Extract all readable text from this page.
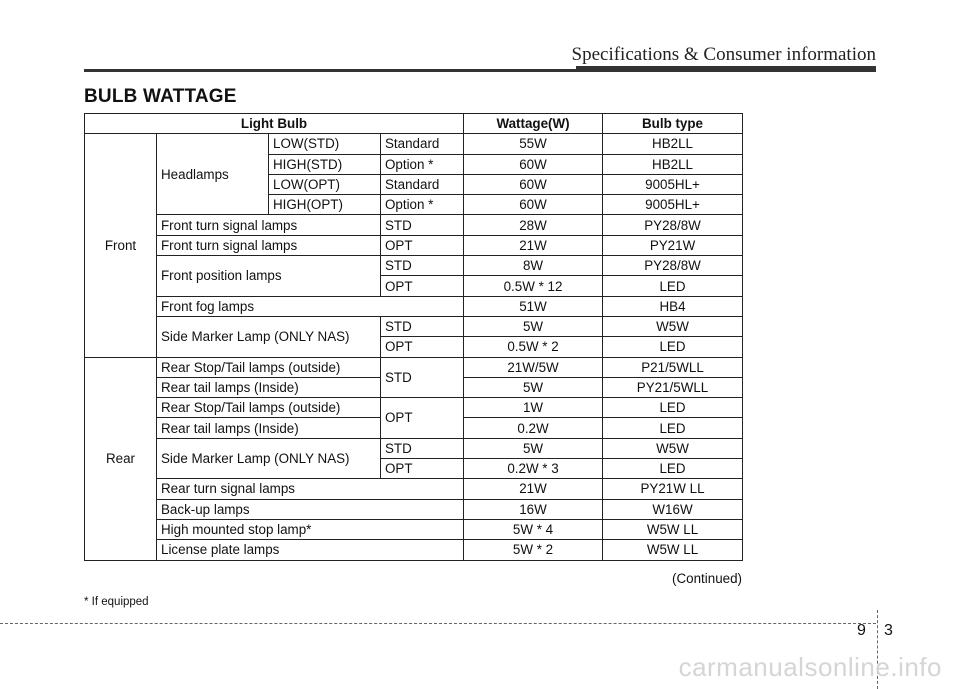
Specifications & Consumer information
BULB WATTAGE
Light Bulb				Wattage(W)	Bulb type
Front	Headlamps	LOW(STD)	Standard	55W	HB2LL
		HIGH(STD)	Option *	60W	HB2LL
		LOW(OPT)	Standard	60W	9005HL+
		HIGH(OPT)	Option *	60W	9005HL+
	Front turn signal lamps		STD	28W	PY28/8W
	Front turn signal lamps		OPT	21W	PY21W
	Front position lamps		STD	8W	PY28/8W
			OPT	0.5W * 12	LED
	Front fog lamps			51W	HB4
	Side Marker Lamp (ONLY NAS)		STD	5W	W5W
			OPT	0.5W * 2	LED
Rear	Rear Stop/Tail lamps (outside)		STD	21W/5W	P21/5WLL
	Rear tail lamps (Inside)			5W	PY21/5WLL
	Rear Stop/Tail lamps (outside)		OPT	1W	LED
	Rear tail lamps (Inside)			0.2W	LED
	Side Marker Lamp (ONLY NAS)		STD	5W	W5W
			OPT	0.2W * 3	LED
	Rear turn signal lamps			21W	PY21W LL
	Back-up lamps			16W	W16W
	High mounted stop lamp*			5W * 4	W5W LL
	License plate lamps			5W * 2	W5W LL
(Continued)
* If equipped
9 3
carmanualsonline.info
